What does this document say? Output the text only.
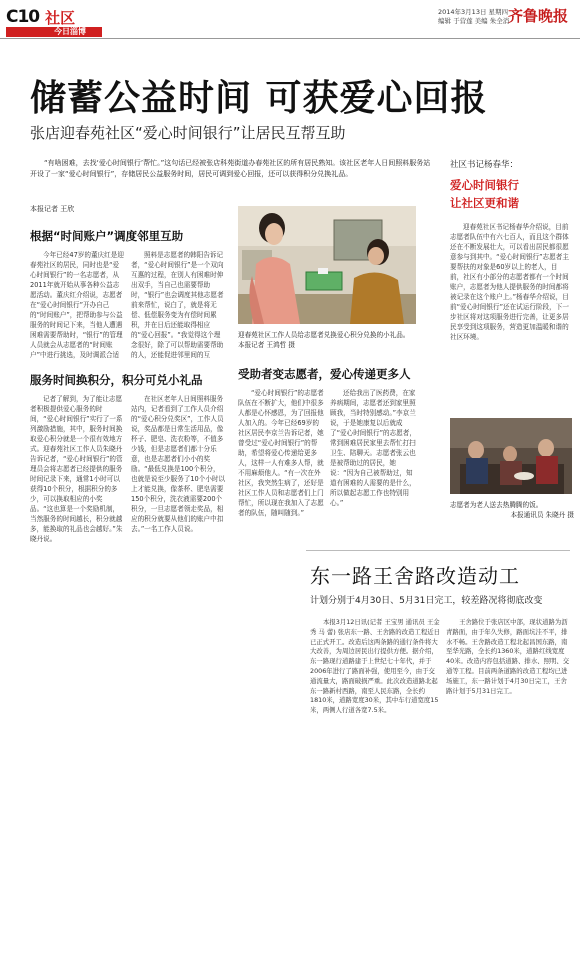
C10 社区
今日淄博
2014年3月13日 星期四
编辑 于营莲 美编 朱全消
齐鲁晚报
储蓄公益时间 可获爱心回报
张店迎春苑社区“爱心时间银行”让居民互帮互助
“有啥困难，去找‘爱心时间银行’帮忙。”这句话已经被张店科苑街道办春苑社区的所有居民熟知。该社区老年人日间照料服务站开设了一家“爱心时间银行”，存储居民公益服务时间，居民可调到爱心回报，还可以获得积分兑换礼品。
本报记者 王欣
根据“时间账户”调度邻里互助
今年已经47岁的董庆红是迎春苑社区的居民，同时也是“爱心时间银行”的一名志愿者，从2011年就开始从事各种公益志愿活动。董庆红介绍说，志愿者在“爱心时间银行”开办自己的“时间账户”，把帮助参与公益服务的时间记下来，当他人遭遇困难需要帮助时，“银行”的管理人员就会从志愿者的“时间账户”中进行挑选，及时调派合适
照料是志愿者的韩阳告诉记者，“爱心时间银行”是一个双向互惠的过程，在别人有困难时伸出双手，当自己也需要帮助时，“银行”也会调度其他志愿者前来帮忙，说白了，就是将无偿、低偿服务变为有偿时间累积，并在日后还能取得相应的“爱心回报”。“我觉得这个理念很好，除了可以帮助需要帮助的人，还能促进邻里间的互
服务时间换积分，积分可兑小礼品
记者了解到，为了能让志愿者积极提供爱心服务的时间，“爱心时间银行”实行了一系列激励措施，其中，服务时间换取爱心积分就是一个很有效地方式。迎春苑社区工作人员朱晓丹告诉记者，“爱心时间银行”的管理员会将志愿者已经提供的服务时间记录下来，通常1小时可以获得10个积分，根据积分的多少，可以换取相应的小奖品。“这也算是一个奖励机制，当然服务的时间越长，积分就越多，能换取的礼品也会越好。”朱晓丹说。
在社区老年人日间照料服务站内，记者看到了工作人员介绍的“爱心积分兑奖区”，工作人员说，奖品都是日常生活用品，像杯子、肥皂、洗衣粉等，不值多少钱，但是志愿者们都十分乐意，也是志愿者们小小的奖励。“最低兑换是100个积分，也就是说至少服务了10个小时以上才能兑换，像茶杯、肥皂需要150个积分，洗衣液需要200个积分，一旦志愿者领走奖品，相应的积分就要从他们的账户中扣去。”一名工作人员说。
迎春苑社区工作人员给志愿者兑换爱心积分兑换的小礼品。 本报记者 王鸿哲 摄
受助者变志愿者，爱心传递更多人
“爱心时间银行”的志愿者队伍在不断扩大，他们中很多人都是心怀感恩，为了回报他人加入的。今年已经69岁的社区居民李京兰告诉记者，她曾受过“爱心时间银行”的帮助，希望将爱心传递给更多人，这样一人有难多人帮，就不用麻烦他人。“有一次在外社区，我突然生病了，还好是社区工作人员和志愿者们上门帮忙，所以现在我加入了志愿者的队伍，随叫随到。”
还给我出了医药费，在家养病期间，志愿者还到家里照顾我，当时特别感动。”李京兰说，于是她康复以后就成了“爱心时间银行”的志愿者，常到困难居民家里去帮忙打扫卫生、陪聊天。志愿者张云也是被帮助过的居民，她说：“因为自己被帮助过，知道有困难的人需要的是什么，所以做起志愿工作也特别用心。”
社区书记杨春华：
爱心时间银行
让社区更和谐
迎春苑社区书记杨春华介绍说，目前志愿者队伍中有六七百人，而且这个群体还在不断发展壮大，可以看出居民都很愿意参与到其中。“爱心时间银行”志愿者主要帮扶的对象是60岁以上的老人，目前，社区有小部分的志愿者都有一个时间账户，志愿者为他人提供服务的时间都将被记录在这个账户上。”杨春华介绍说，目前“爱心时间银行”还在试运行阶段，下一步社区将对这项服务进行完善，让更多居民享受到这项服务，营造更加温暖和谐的社区环境。
志愿者为老人送去热腾腾的饭。
本报通讯员 朱晓丹 摄
东一路王舍路改造动工
计划分别于4月30日、5月31日完工，较差路况将彻底改变
本报3月12日讯(记者 王宝男 通讯员 王金秀 马 蕾) 张店东一路、王舍路的改造工程近日已正式开工。改造后这两条路的通行条件将大大改善，为周边居民出行提供方便。据介绍，东一路现行道路建于上世纪七十年代，并于2006年进行了路面补强，使用至今，由于交通流量大，路面破损严重。此次改造道路北起东一路新村西路，南至人民东路，全长约1810米，道路宽度30米，其中车行道宽度15米，两侧人行道各宽7.5米。
王舍路位于张店区中部，现状道路为沥青路面，由于年久失修，路面坑洼不平，排水不畅。王舍路改造工程北起昌国东路，南至华光路，全长约1360米，道路红线宽度40米。改造内容包括道路、排水、照明、交通等工程。目前两条道路的改造工程均已进场施工，东一路计划于4月30日完工，王舍路计划于5月31日完工。
